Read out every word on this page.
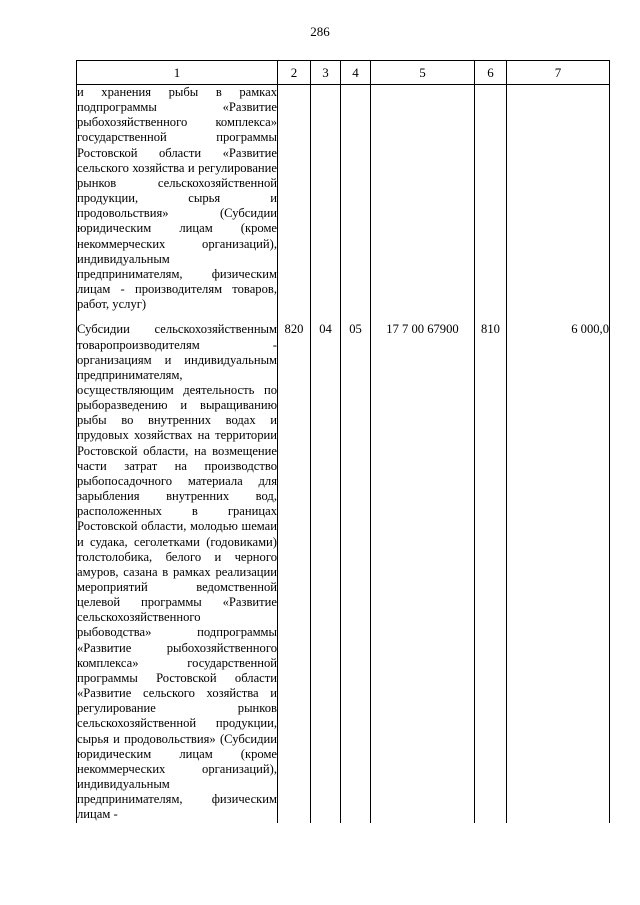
286
1	2	3	4	5	6	7

и хранения рыбы в рамках подпрограммы «Развитие рыбохозяйственного комплекса» государственной программы Ростовской области «Развитие сельского хозяйства и регулирование рынков сельскохозяйственной продукции, сырья и продовольствия» (Субсидии юридическим лицам (кроме некоммерческих организаций), индивидуальным предпринимателям, физическим лицам - производителям товаров, работ, услуг)						

Субсидии сельскохозяйственным товаропроизводителям - организациям и индивидуальным предпринимателям, осуществляющим деятельность по рыборазведению и выращиванию рыбы во внутренних водах и прудовых хозяйствах на территории Ростовской области, на возмещение части затрат на производство рыбопосадочного материала для зарыбления внутренних вод, расположенных в границах Ростовской области, молодью шемаи и судака, сеголетками (годовиками) толстолобика, белого и черного амуров, сазана в рамках реализации мероприятий ведомственной целевой программы «Развитие сельскохозяйственного рыбоводства» подпрограммы «Развитие рыбохозяйственного комплекса» государственной программы Ростовской области «Развитие сельского хозяйства и регулирование рынков сельскохозяйственной продукции, сырья и продовольствия» (Субсидии юридическим лицам (кроме некоммерческих организаций), индивидуальным предпринимателям, физическим лицам -	820	04	05	17 7 00 67900	810	6 000,0
